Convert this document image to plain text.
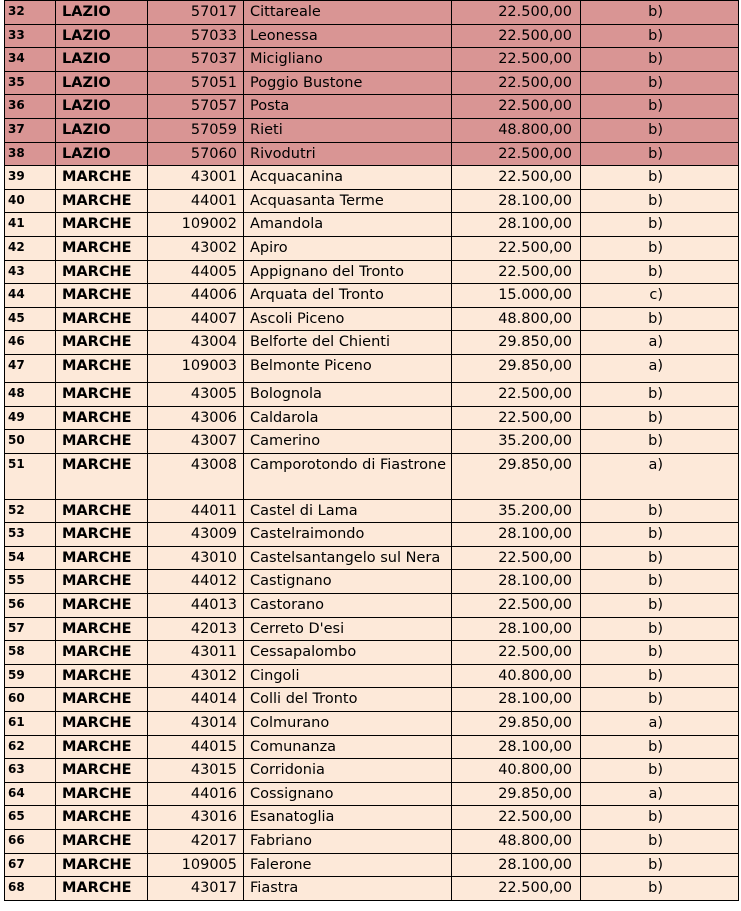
32	LAZIO	57017	Cittareale	22.500,00	b)
33	LAZIO	57033	Leonessa	22.500,00	b)
34	LAZIO	57037	Micigliano	22.500,00	b)
35	LAZIO	57051	Poggio Bustone	22.500,00	b)
36	LAZIO	57057	Posta	22.500,00	b)
37	LAZIO	57059	Rieti	48.800,00	b)
38	LAZIO	57060	Rivodutri	22.500,00	b)
39	MARCHE	43001	Acquacanina	22.500,00	b)
40	MARCHE	44001	Acquasanta Terme	28.100,00	b)
41	MARCHE	109002	Amandola	28.100,00	b)
42	MARCHE	43002	Apiro	22.500,00	b)
43	MARCHE	44005	Appignano del Tronto	22.500,00	b)
44	MARCHE	44006	Arquata del Tronto	15.000,00	c)
45	MARCHE	44007	Ascoli Piceno	48.800,00	b)
46	MARCHE	43004	Belforte del Chienti	29.850,00	a)
47	MARCHE	109003	Belmonte Piceno	29.850,00	a)
48	MARCHE	43005	Bolognola	22.500,00	b)
49	MARCHE	43006	Caldarola	22.500,00	b)
50	MARCHE	43007	Camerino	35.200,00	b)
51	MARCHE	43008	Camporotondo di Fiastrone	29.850,00	a)
52	MARCHE	44011	Castel di Lama	35.200,00	b)
53	MARCHE	43009	Castelraimondo	28.100,00	b)
54	MARCHE	43010	Castelsantangelo sul Nera	22.500,00	b)
55	MARCHE	44012	Castignano	28.100,00	b)
56	MARCHE	44013	Castorano	22.500,00	b)
57	MARCHE	42013	Cerreto D'esi	28.100,00	b)
58	MARCHE	43011	Cessapalombo	22.500,00	b)
59	MARCHE	43012	Cingoli	40.800,00	b)
60	MARCHE	44014	Colli del Tronto	28.100,00	b)
61	MARCHE	43014	Colmurano	29.850,00	a)
62	MARCHE	44015	Comunanza	28.100,00	b)
63	MARCHE	43015	Corridonia	40.800,00	b)
64	MARCHE	44016	Cossignano	29.850,00	a)
65	MARCHE	43016	Esanatoglia	22.500,00	b)
66	MARCHE	42017	Fabriano	48.800,00	b)
67	MARCHE	109005	Falerone	28.100,00	b)
68	MARCHE	43017	Fiastra	22.500,00	b)
